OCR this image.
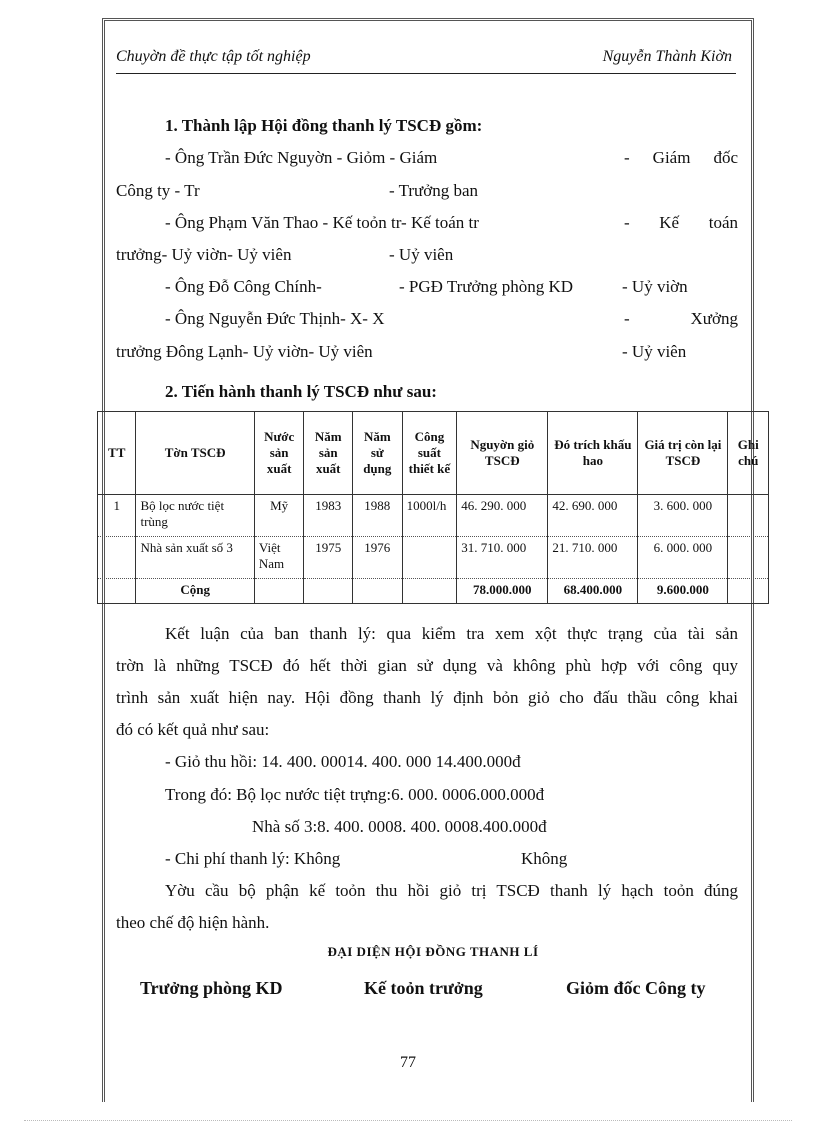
Chuyờn đề thực tập tốt nghiệp	Nguyễn Thành Kiờn
1. Thành lập Hội đồng thanh lý TSCĐ gồm:
- Ông Trần Đức Nguyờn - Giỏm - Giám	- Giám đốc
Công ty - Tr	- Trưởng ban
- Ông Phạm Văn Thao - Kế toỏn tr- Kế toán tr	- Kế toán
trưởng- Uỷ viờn- Uỷ viên	- Uỷ viên
- Ông Đỗ Công Chính-	- PGĐ Trưởng phòng KD	- Uỷ viờn
- Ông Nguyễn Đức Thịnh- X- X	- Xưởng
trưởng Đông Lạnh- Uỷ viờn- Uỷ viên	- Uỷ viên
2. Tiến hành thanh lý TSCĐ như sau:
TT	Tờn TSCĐ	Nước sản xuất	Năm sản xuất	Năm sử dụng	Công suất thiết kế	Nguyờn giỏ TSCĐ	Đó trích khấu hao	Giá trị còn lại TSCĐ	Ghi chú
1	Bộ lọc nước tiệt trùng	Mỹ	1983	1988	1000l/h	46. 290. 000	42. 690. 000	3. 600. 000	
	Nhà sản xuất số 3	Việt Nam	1975	1976		31. 710. 000	21. 710. 000	6. 000. 000	
	Cộng					78.000.000	68.400.000	9.600.000	
Kết luận của ban thanh lý: qua kiểm tra xem xột thực trạng của tài sản
trờn là những TSCĐ đó hết thời gian sử dụng và không phù hợp với công quy
trình sản xuất hiện nay. Hội đồng thanh lý định bỏn giỏ cho đấu thầu công khai
đó có kết quả như sau:
- Giỏ thu hồi: 14. 400. 00014. 400. 000 14.400.000đ
Trong đó: Bộ lọc nước tiệt trựng:6. 000. 0006.000.000đ
Nhà số 3:8. 400. 0008. 400. 0008.400.000đ
- Chi phí thanh lý: Không	Không
Yờu cầu bộ phận kế toỏn thu hồi giỏ trị TSCĐ thanh lý hạch toỏn đúng
theo chế độ hiện hành.
ĐẠI DIỆN HỘI ĐỒNG THANH LÍ
Trưởng phòng KD	Kế toỏn trưởng	Giỏm đốc Công ty
77
